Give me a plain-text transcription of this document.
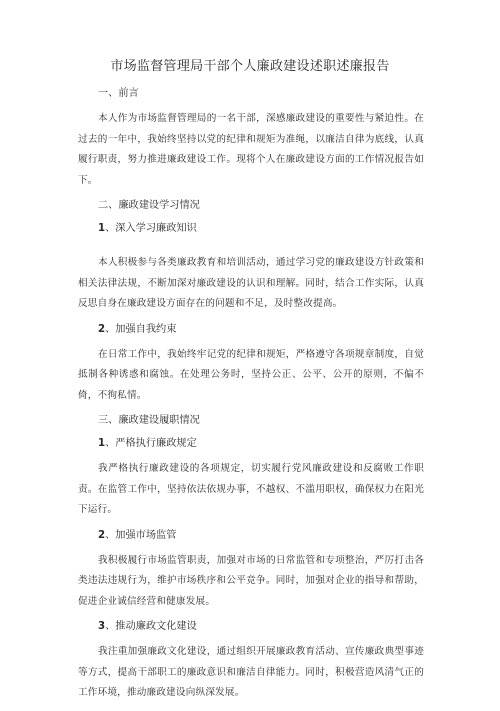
市场监督管理局干部个人廉政建设述职述廉报告
一、前言
本人作为市场监督管理局的一名干部，深感廉政建设的重要性与紧迫性。在过去的一年中，我始终坚持以党的纪律和规矩为准绳，以廉洁自律为底线，认真履行职责，努力推进廉政建设工作。现将个人在廉政建设方面的工作情况报告如下。
二、廉政建设学习情况
1、深入学习廉政知识
本人积极参与各类廉政教育和培训活动，通过学习党的廉政建设方针政策和相关法律法规，不断加深对廉政建设的认识和理解。同时，结合工作实际，认真反思自身在廉政建设方面存在的问题和不足，及时整改提高。
2、加强自我约束
在日常工作中，我始终牢记党的纪律和规矩，严格遵守各项规章制度，自觉抵制各种诱惑和腐蚀。在处理公务时，坚持公正、公平、公开的原则，不偏不倚，不徇私情。
三、廉政建设履职情况
1、严格执行廉政规定
我严格执行廉政建设的各项规定，切实履行党风廉政建设和反腐败工作职责。在监管工作中，坚持依法依规办事，不越权、不滥用职权，确保权力在阳光下运行。
2、加强市场监管
我积极履行市场监管职责，加强对市场的日常监管和专项整治，严厉打击各类违法违规行为，维护市场秩序和公平竞争。同时，加强对企业的指导和帮助，促进企业诚信经营和健康发展。
3、推动廉政文化建设
我注重加强廉政文化建设，通过组织开展廉政教育活动、宣传廉政典型事迹等方式，提高干部职工的廉政意识和廉洁自律能力。同时，积极营造风清气正的工作环境，推动廉政建设向纵深发展。
